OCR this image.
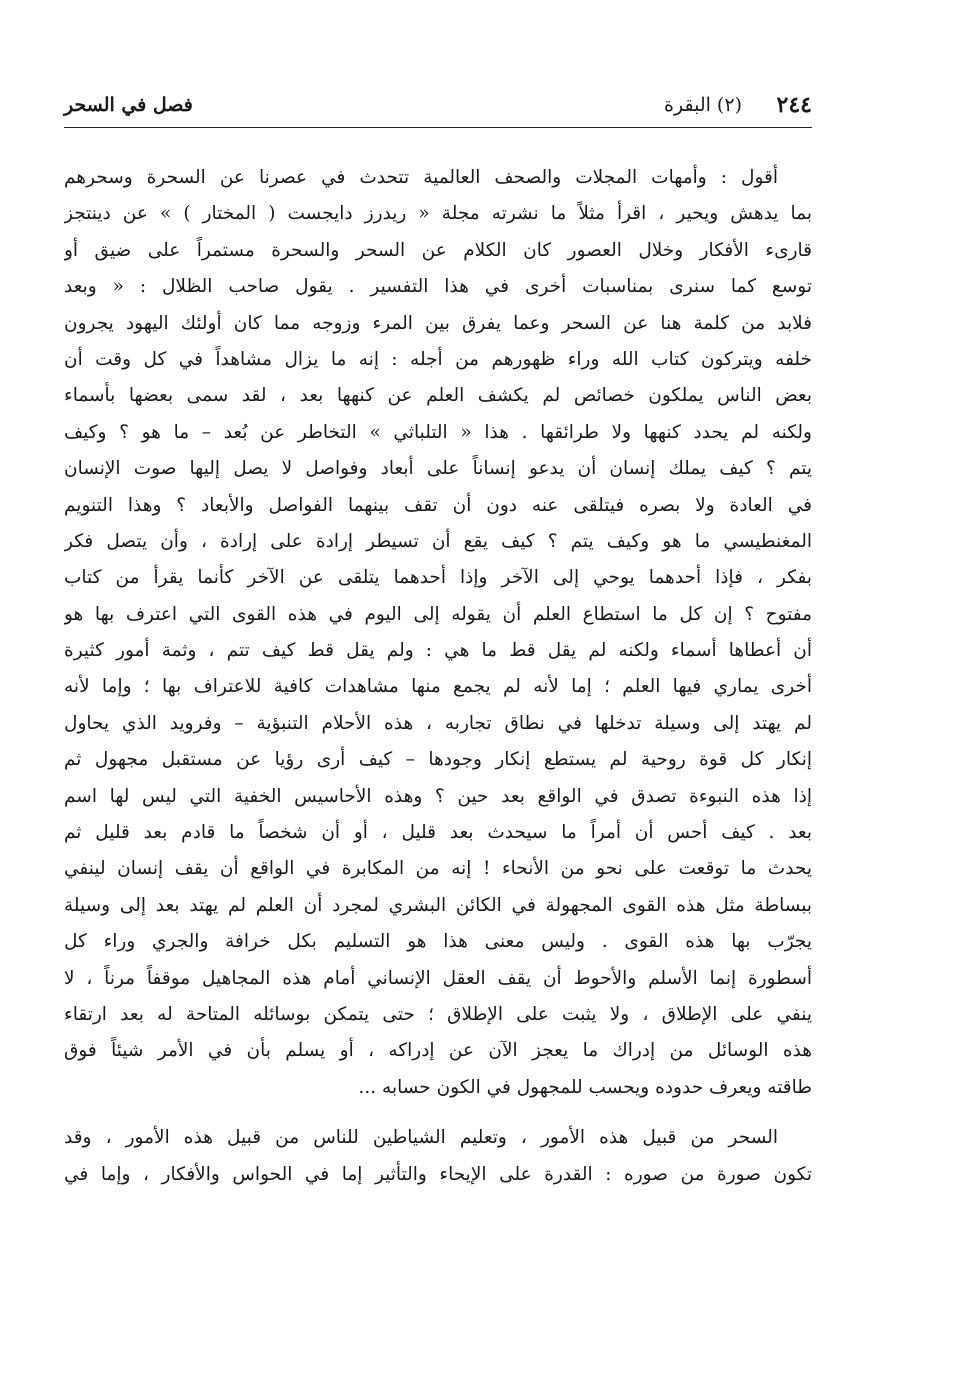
٢٤٤
(٢) البقرة
فصل في السحر
أقول : وأمهات المجلات والصحف العالمية تتحدث في عصرنا عن السحرة وسحرهم
بما يدهش ويحير ، اقرأ مثلاً ما نشرته مجلة « ريدرز دايجست ( المختار ) » عن دينتجز
قارىء الأفكار وخلال العصور كان الكلام عن السحر والسحرة مستمراً على ضيق أو
توسع كما سنرى بمناسبات أخرى في هذا التفسير . يقول صاحب الظلال : « وبعد
فلابد من كلمة هنا عن السحر وعما يفرق بين المرء وزوجه مما كان أولئك اليهود يجرون
خلفه ويتركون كتاب الله وراء ظهورهم من أجله : إنه ما يزال مشاهداً في كل وقت أن
بعض الناس يملكون خصائص لم يكشف العلم عن كنهها بعد ، لقد سمى بعضها بأسماء
ولكنه لم يحدد كنهها ولا طرائقها . هذا « التلباثي » التخاطر عن بُعد – ما هو ؟ وكيف
يتم ؟ كيف يملك إنسان أن يدعو إنساناً على أبعاد وفواصل لا يصل إليها صوت الإنسان
في العادة ولا بصره فيتلقى عنه دون أن تقف بينهما الفواصل والأبعاد ؟ وهذا التنويم
المغنطيسي ما هو وكيف يتم ؟ كيف يقع أن تسيطر إرادة على إرادة ، وأن يتصل فكر
بفكر ، فإذا أحدهما يوحي إلى الآخر وإذا أحدهما يتلقى عن الآخر كأنما يقرأ من كتاب
مفتوح ؟ إن كل ما استطاع العلم أن يقوله إلى اليوم في هذه القوى التي اعترف بها هو
أن أعطاها أسماء ولكنه لم يقل قط ما هي : ولم يقل قط كيف تتم ، وثمة أمور كثيرة
أخرى يماري فيها العلم ؛ إما لأنه لم يجمع منها مشاهدات كافية للاعتراف بها ؛ وإما لأنه
لم يهتد إلى وسيلة تدخلها في نطاق تجاربه ، هذه الأحلام التنبؤية – وفرويد الذي يحاول
إنكار كل قوة روحية لم يستطع إنكار وجودها – كيف أرى رؤيا عن مستقبل مجهول ثم
إذا هذه النبوءة تصدق في الواقع بعد حين ؟ وهذه الأحاسيس الخفية التي ليس لها اسم
بعد . كيف أحس أن أمراً ما سيحدث بعد قليل ، أو أن شخصاً ما قادم بعد قليل ثم
يحدث ما توقعت على نحو من الأنحاء ! إنه من المكابرة في الواقع أن يقف إنسان لينفي
ببساطة مثل هذه القوى المجهولة في الكائن البشري لمجرد أن العلم لم يهتد بعد إلى وسيلة
يجرّب بها هذه القوى . وليس معنى هذا هو التسليم بكل خرافة والجري وراء كل
أسطورة إنما الأسلم والأحوط أن يقف العقل الإنساني أمام هذه المجاهيل موقفاً مرناً ، لا
ينفي على الإطلاق ، ولا يثبت على الإطلاق ؛ حتى يتمكن بوسائله المتاحة له بعد ارتقاء
هذه الوسائل من إدراك ما يعجز الآن عن إدراكه ، أو يسلم بأن في الأمر شيئاً فوق
طاقته ويعرف حدوده ويحسب للمجهول في الكون حسابه ...
السحر من قبيل هذه الأمور ، وتعليم الشياطين للناس من قبيل هذه الأمور ، وقد
تكون صورة من صوره : القدرة على الإيحاء والتأثير إما في الحواس والأفكار ، وإما في
